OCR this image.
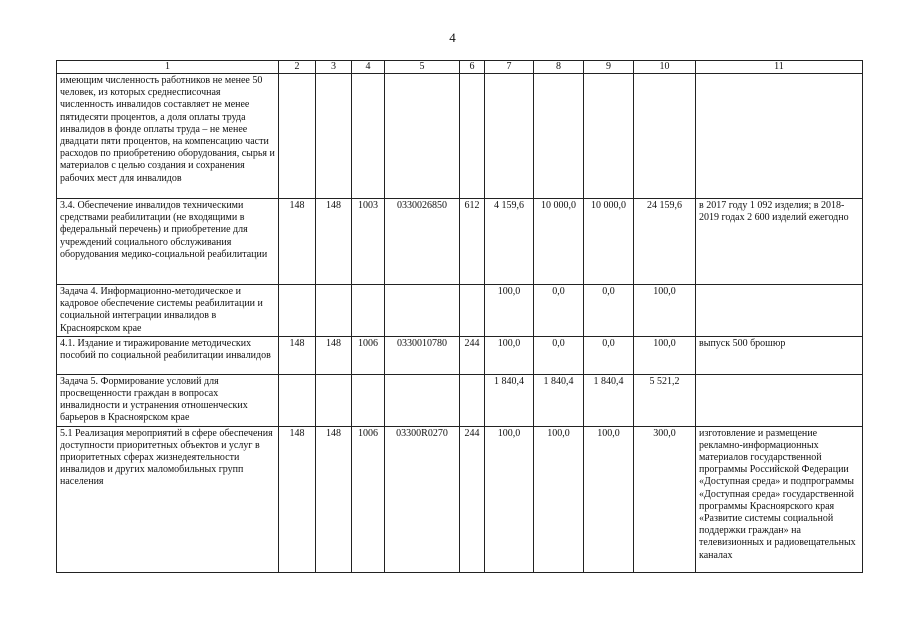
4
1	2	3	4	5	6	7	8	9	10	11
имеющим численность работников не менее 50 человек, из которых среднесписочная численность инвалидов составляет не менее пятидесяти процентов, а доля оплаты труда инвалидов в фонде оплаты труда – не менее двадцати пяти процентов, на компенсацию части расходов по приобретению оборудования, сырья и материалов с целью создания и сохранения рабочих мест для инвалидов										
3.4. Обеспечение инвалидов техническими средствами реабилитации (не входящими в федеральный перечень) и приобретение для учреждений социального обслуживания оборудования медико-социальной реабилитации	148	148	1003	0330026850	612	4 159,6	10 000,0	10 000,0	24 159,6	в 2017 году 1 092 изделия; в 2018-2019 годах 2 600 изделий ежегодно
Задача 4. Информационно-методическое и кадровое обеспечение системы реабилитации и социальной интеграции инвалидов в Красноярском крае						100,0	0,0	0,0	100,0	
4.1. Издание и тиражирование методических пособий по социальной реабилитации инвалидов	148	148	1006	0330010780	244	100,0	0,0	0,0	100,0	выпуск 500 брошюр
Задача 5. Формирование условий для просвещенности граждан в вопросах инвалидности и устранения отношенческих барьеров в Красноярском крае						1 840,4	1 840,4	1 840,4	5 521,2	
5.1 Реализация мероприятий в сфере обеспечения доступности приоритетных объектов и услуг в приоритетных сферах жизнедеятельности инвалидов и других маломобильных групп населения	148	148	1006	03300R0270	244	100,0	100,0	100,0	300,0	изготовление и размещение рекламно-информационных материалов государственной программы Российской Федерации «Доступная среда» и подпрограммы «Доступная среда» государственной программы Красноярского края «Развитие системы социальной поддержки граждан» на телевизионных и радиовещательных каналах
